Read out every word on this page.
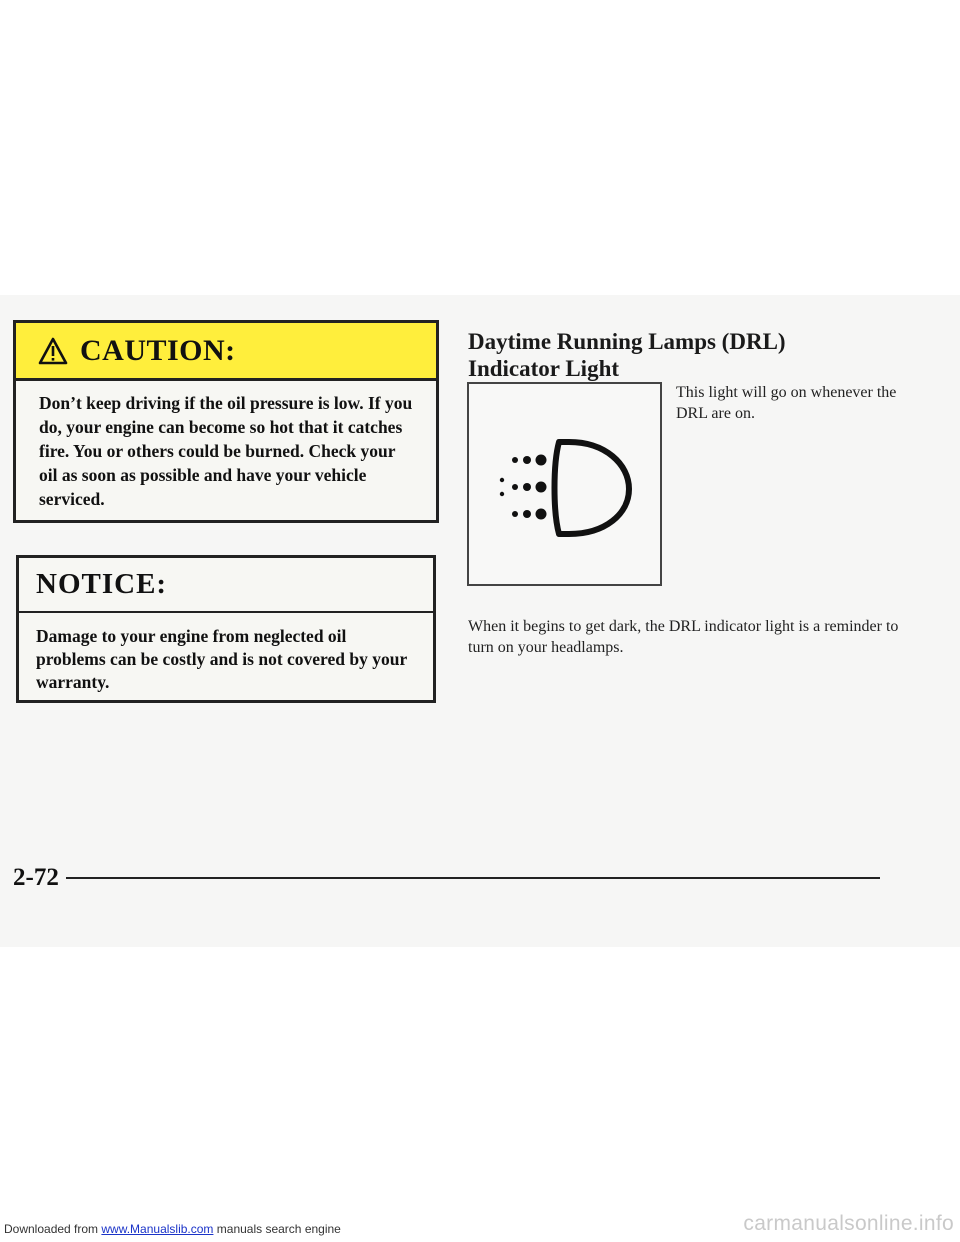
CAUTION:
Don’t keep driving if the oil pressure is low. If you do, your engine can become so hot that it catches fire. You or others could be burned. Check your oil as soon as possible and have your vehicle serviced.
NOTICE:
Damage to your engine from neglected oil problems can be costly and is not covered by your warranty.
Daytime Running Lamps (DRL)
Indicator Light
This light will go on whenever the DRL are on.
When it begins to get dark, the DRL indicator light is a reminder to turn on your headlamps.
2-72
Downloaded from www.Manualslib.com manuals search engine	carmanualsonline.info
